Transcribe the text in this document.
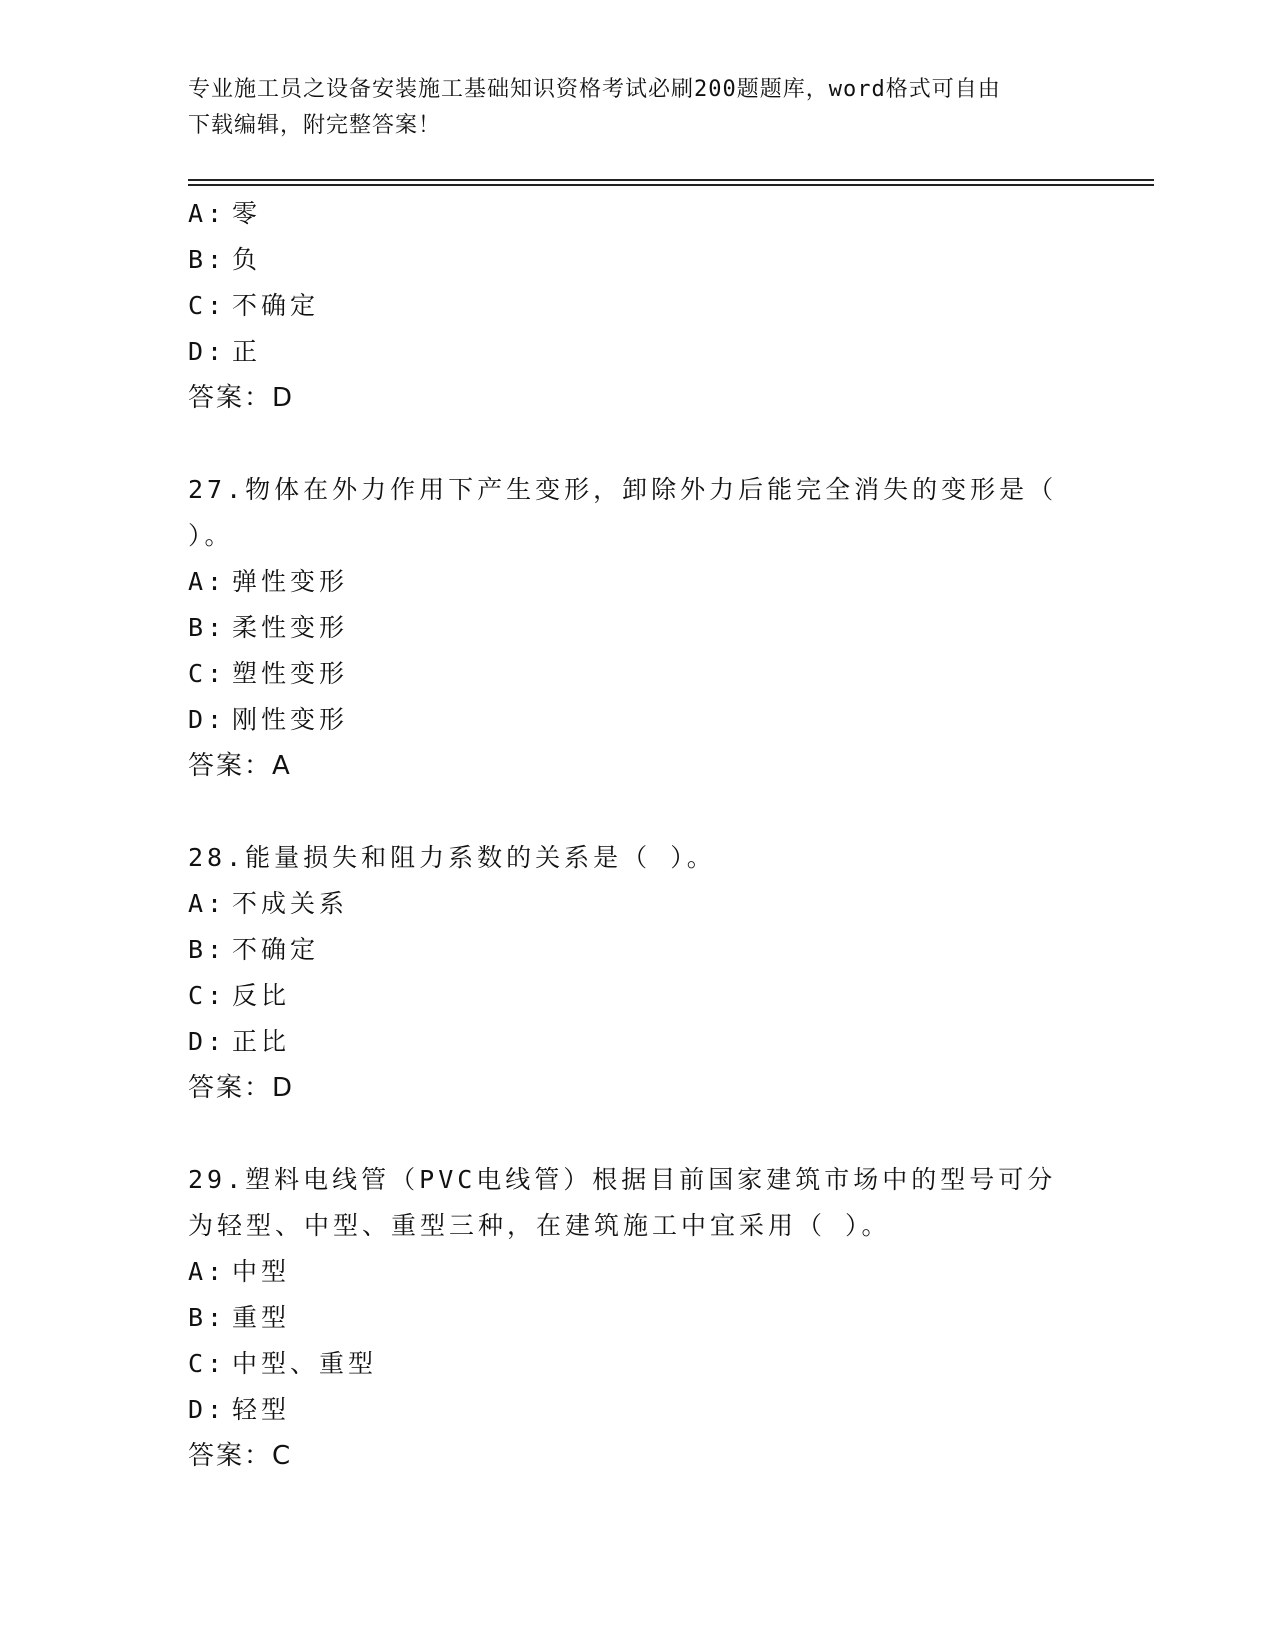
专业施工员之设备安装施工基础知识资格考试必刷200题题库，word格式可自由
下载编辑，附完整答案！
A: 零
B: 负
C: 不确定
D: 正
答案：D
27.物体在外力作用下产生变形，卸除外力后能完全消失的变形是（ ）。
A: 弹性变形
B: 柔性变形
C: 塑性变形
D: 刚性变形
答案：A
28.能量损失和阻力系数的关系是（ ）。
A: 不成关系
B: 不确定
C: 反比
D: 正比
答案：D
29.塑料电线管（PVC电线管）根据目前国家建筑市场中的型号可分为轻型、中型、重型三种，在建筑施工中宜采用（ ）。
A: 中型
B: 重型
C: 中型、重型
D: 轻型
答案：C
